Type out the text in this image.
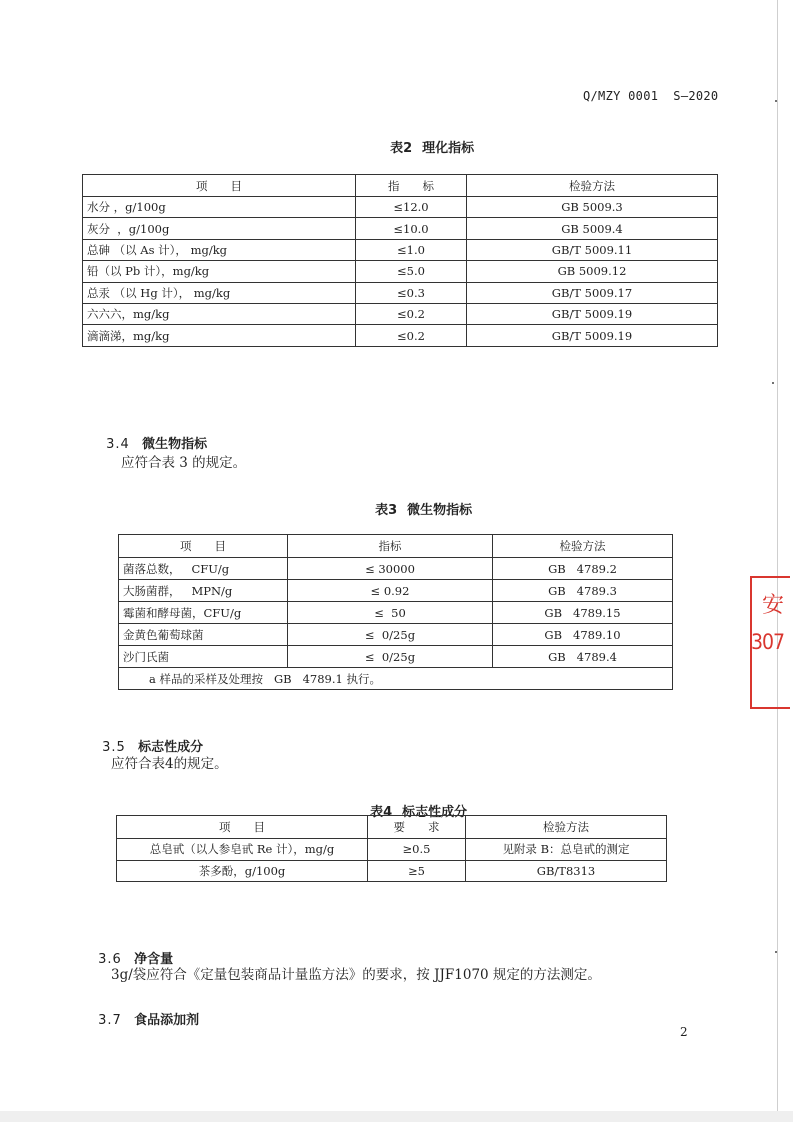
Q/MZY 0001  S—2020

表2 理化指标

项　　目	指　　标	检验方法
水分 ，g/100g	≤12.0	GB 5009.3
灰分  ，g/100g	≤10.0	GB 5009.4
总砷 （以 As 计）， mg/kg	≤1.0	GB/T 5009.11
铅（以 Pb 计），mg/kg	≤5.0	GB 5009.12
总汞 （以 Hg 计）， mg/kg	≤0.3	GB/T 5009.17
六六六，mg/kg	≤0.2	GB/T 5009.19
滴滴涕，mg/kg	≤0.2	GB/T 5009.19

3.4 微生物指标

应符合表 3 的规定。

表3 微生物指标

项　　目	指标	检验方法
菌落总数，   CFU/g	≤ 30000	GB   4789.2
大肠菌群，   MPN/g	≤ 0.92	GB   4789.3
霉菌和酵母菌，CFU/g	≤  50	GB   4789.15
金黄色葡萄球菌	≤  0/25g	GB   4789.10
沙门氏菌	≤  0/25g	GB   4789.4
a 样品的采样及处理按   GB   4789.1 执行。		

3.5 标志性成分

应符合表4的规定。

表4 标志性成分

项　　目	要　　求	检验方法
总皂甙（以人参皂甙 Re 计），mg/g	≥0.5	见附录 B：总皂甙的测定
茶多酚，g/100g	≥5	GB/T8313

3.6 净含量

3g/袋应符合《定量包装商品计量监方法》的要求，按 JJF1070 规定的方法测定。

3.7 食品添加剂

2
安
307
